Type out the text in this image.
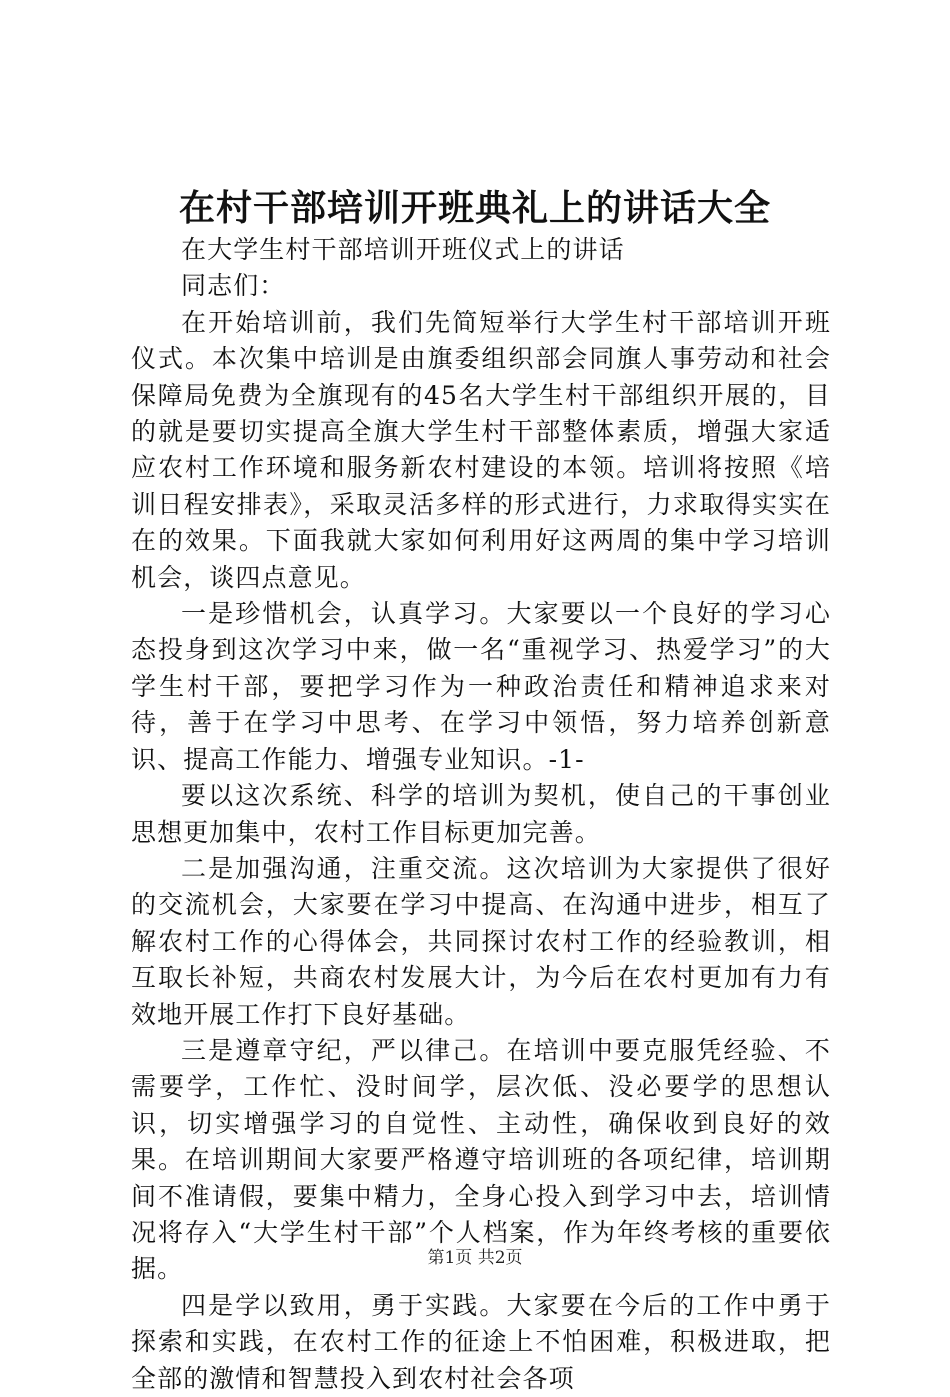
在村干部培训开班典礼上的讲话大全

在大学生村干部培训开班仪式上的讲话

同志们：

在开始培训前，我们先简短举行大学生村干部培训开班仪式。本次集中培训是由旗委组织部会同旗人事劳动和社会保障局免费为全旗现有的45名大学生村干部组织开展的，目的就是要切实提高全旗大学生村干部整体素质，增强大家适应农村工作环境和服务新农村建设的本领。培训将按照《培训日程安排表》，采取灵活多样的形式进行，力求取得实实在在的效果。下面我就大家如何利用好这两周的集中学习培训机会，谈四点意见。

一是珍惜机会，认真学习。大家要以一个良好的学习心态投身到这次学习中来，做一名“重视学习、热爱学习”的大学生村干部，要把学习作为一种政治责任和精神追求来对待，善于在学习中思考、在学习中领悟，努力培养创新意识、提高工作能力、增强专业知识。-1-

要以这次系统、科学的培训为契机，使自己的干事创业思想更加集中，农村工作目标更加完善。

二是加强沟通，注重交流。这次培训为大家提供了很好的交流机会，大家要在学习中提高、在沟通中进步，相互了解农村工作的心得体会，共同探讨农村工作的经验教训，相互取长补短，共商农村发展大计，为今后在农村更加有力有效地开展工作打下良好基础。

三是遵章守纪，严以律己。在培训中要克服凭经验、不需要学，工作忙、没时间学，层次低、没必要学的思想认识，切实增强学习的自觉性、主动性，确保收到良好的效果。在培训期间大家要严格遵守培训班的各项纪律，培训期间不准请假，要集中精力，全身心投入到学习中去，培训情况将存入“大学生村干部”个人档案，作为年终考核的重要依据。

四是学以致用，勇于实践。大家要在今后的工作中勇于探索和实践，在农村工作的征途上不怕困难，积极进取，把全部的激情和智慧投入到农村社会各项

第1页 共2页
